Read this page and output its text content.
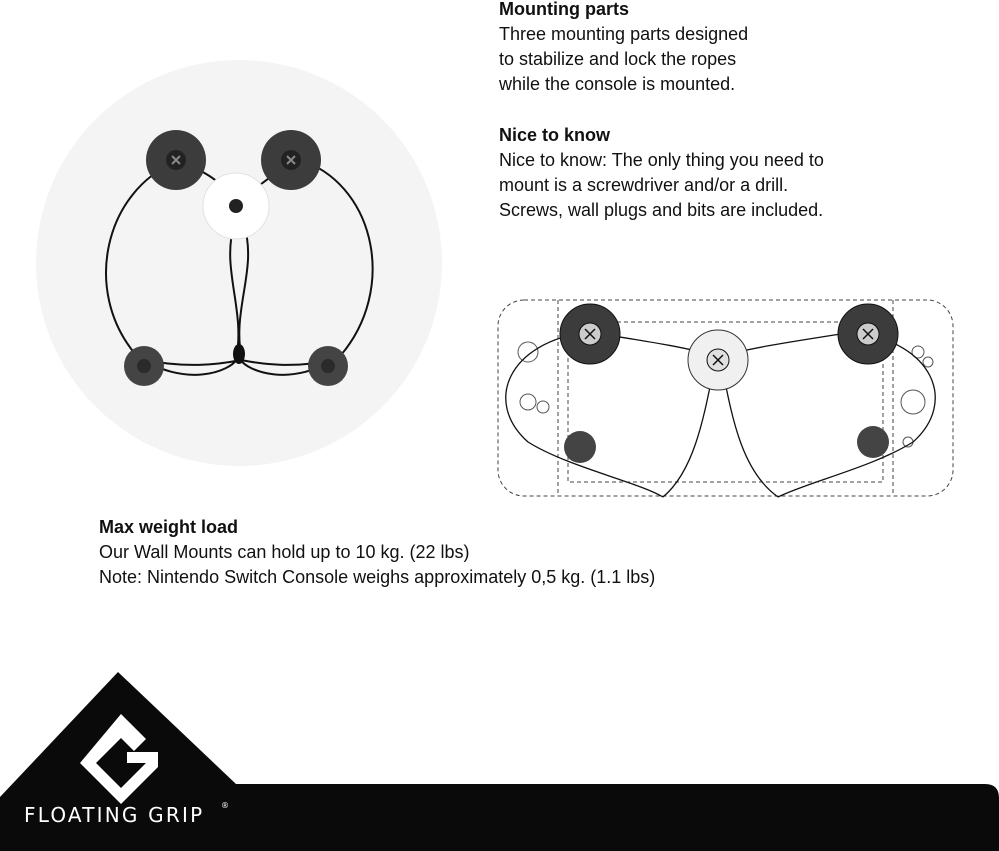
Mounting parts

Three mounting parts designed

to stabilize and lock the ropes

while the console is mounted.

Nice to know

Nice to know: The only thing you need to

mount is a screwdriver and/or a drill.

Screws, wall plugs and bits are included.

Max weight load

Our Wall Mounts can hold up to 10 kg. (22 lbs)

Note: Nintendo Switch Console weighs approximately 0,5 kg. (1.1 lbs)

FLOATING GRIP ®
